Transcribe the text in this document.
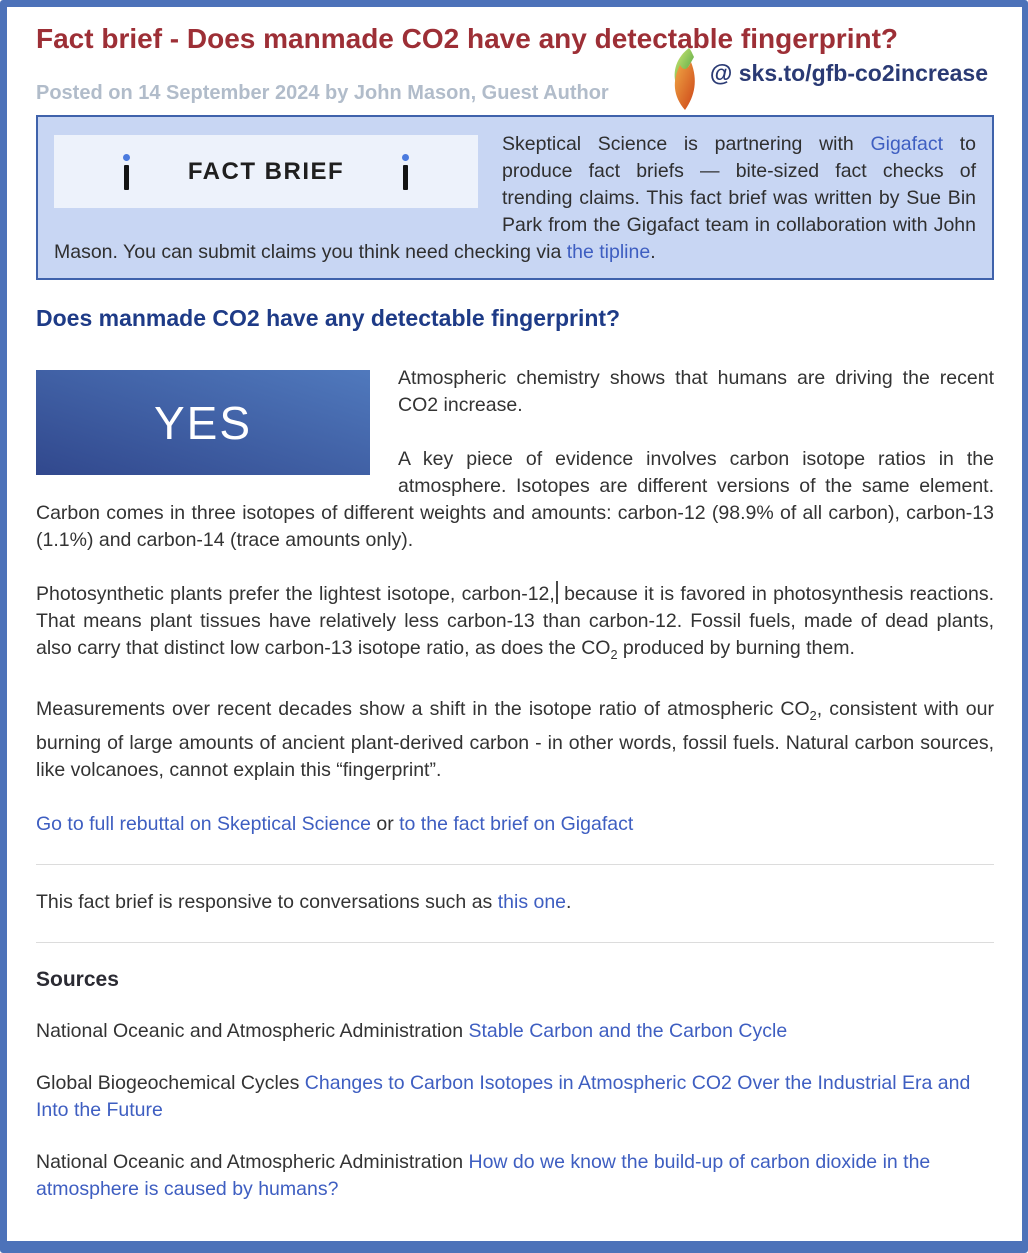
Fact brief - Does manmade CO2 have any detectable fingerprint?
@ sks.to/gfb-co2increase
Posted on 14 September 2024 by John Mason, Guest Author
FACT BRIEF

Skeptical Science is partnering with Gigafact to produce fact briefs — bite-sized fact checks of trending claims. This fact brief was written by Sue Bin Park from the Gigafact team in collaboration with John Mason. You can submit claims you think need checking via the tipline.

Does manmade CO2 have any detectable fingerprint?
YES

Atmospheric chemistry shows that humans are driving the recent CO2 increase.

A key piece of evidence involves carbon isotope ratios in the atmosphere. Isotopes are different versions of the same element. Carbon comes in three isotopes of different weights and amounts: carbon-12 (98.9% of all carbon), carbon-13 (1.1%) and carbon-14 (trace amounts only).

Photosynthetic plants prefer the lightest isotope, carbon-12, because it is favored in photosynthesis reactions. That means plant tissues have relatively less carbon-13 than carbon-12. Fossil fuels, made of dead plants, also carry that distinct low carbon-13 isotope ratio, as does the $CO_2$ produced by burning them.

Measurements over recent decades show a shift in the isotope ratio of atmospheric $CO_2$, consistent with our burning of large amounts of ancient plant-derived carbon - in other words, fossil fuels. Natural carbon sources, like volcanoes, cannot explain this “fingerprint”.

Go to full rebuttal on Skeptical Science or to the fact brief on Gigafact

This fact brief is responsive to conversations such as this one.

Sources

National Oceanic and Atmospheric Administration Stable Carbon and the Carbon Cycle

Global Biogeochemical Cycles Changes to Carbon Isotopes in Atmospheric CO2 Over the Industrial Era and Into the Future

National Oceanic and Atmospheric Administration How do we know the build-up of carbon dioxide in the atmosphere is caused by humans?
